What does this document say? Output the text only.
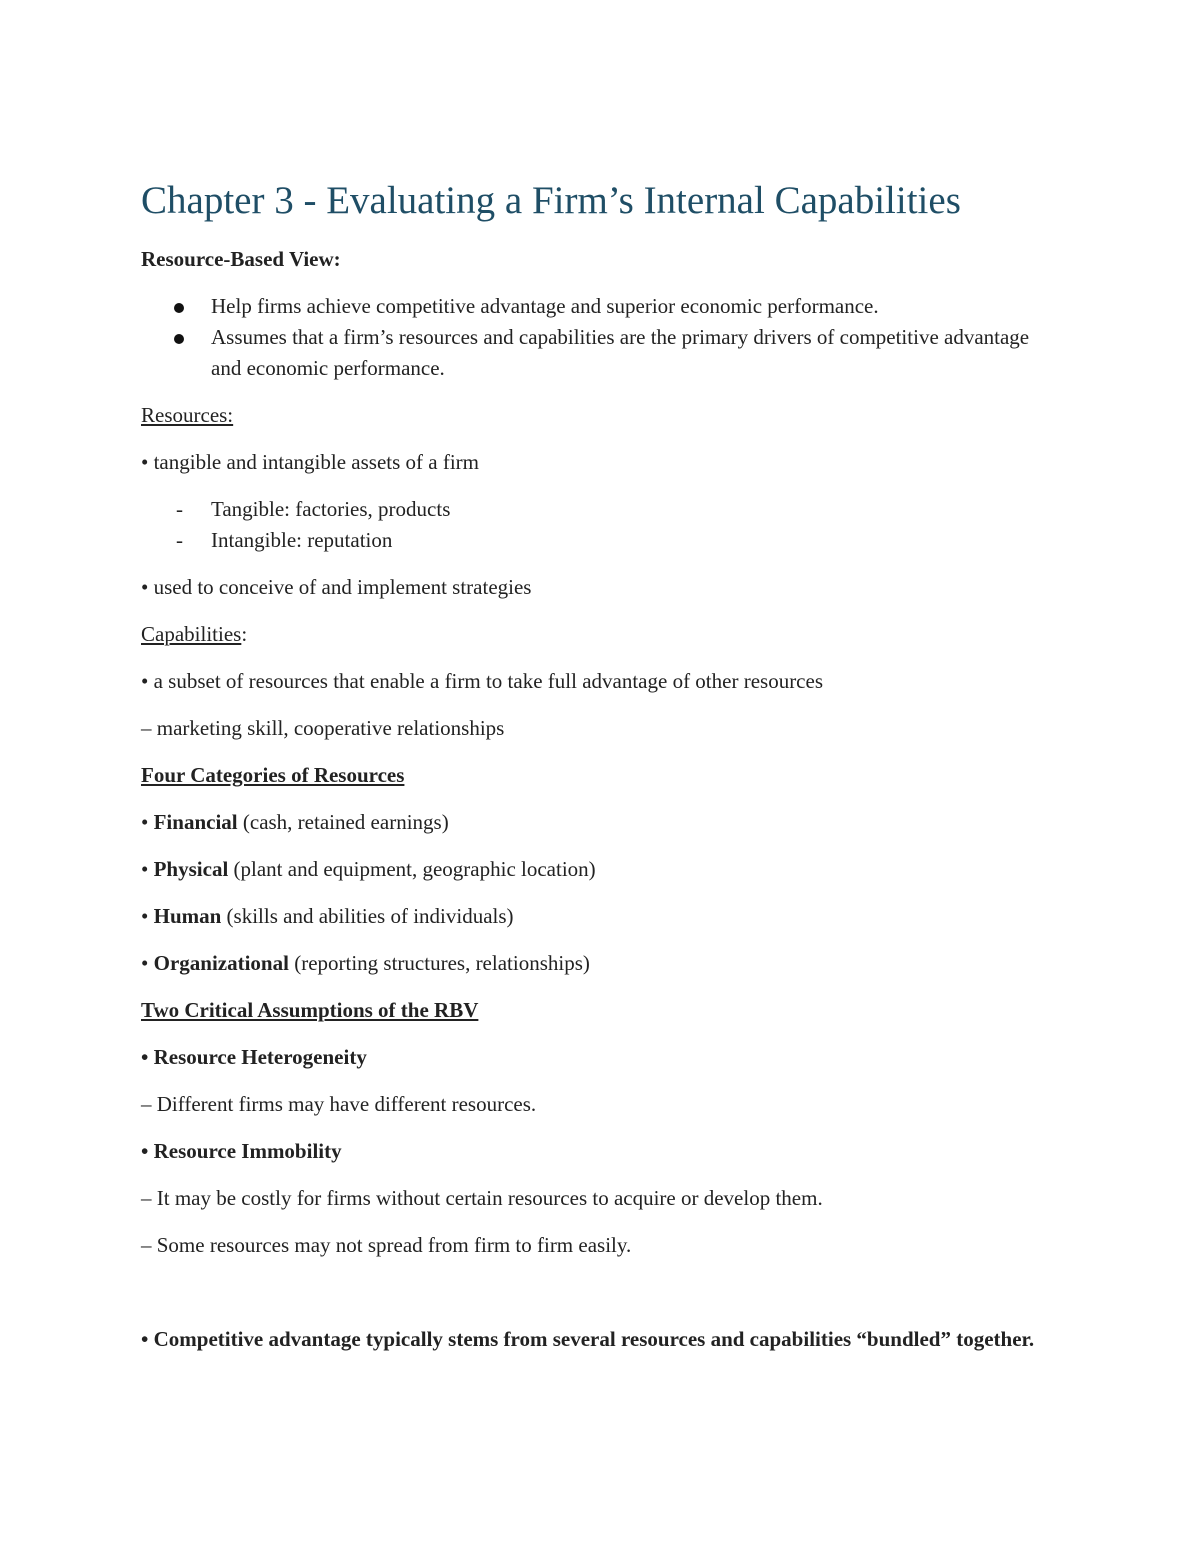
Chapter 3 - Evaluating a Firm’s Internal Capabilities

Resource-Based View:

Help firms achieve competitive advantage and superior economic performance.
Assumes that a firm’s resources and capabilities are the primary drivers of competitive advantage and economic performance.

Resources:

• tangible and intangible assets of a firm

- Tangible: factories, products
- Intangible: reputation

• used to conceive of and implement strategies

Capabilities:

• a subset of resources that enable a firm to take full advantage of other resources

– marketing skill, cooperative relationships

Four Categories of Resources

• Financial (cash, retained earnings)

• Physical (plant and equipment, geographic location)

• Human (skills and abilities of individuals)

• Organizational (reporting structures, relationships)

Two Critical Assumptions of the RBV

• Resource Heterogeneity

– Different firms may have different resources.

• Resource Immobility

– It may be costly for firms without certain resources to acquire or develop them.

– Some resources may not spread from firm to firm easily.

• Competitive advantage typically stems from several resources and capabilities “bundled” together.
